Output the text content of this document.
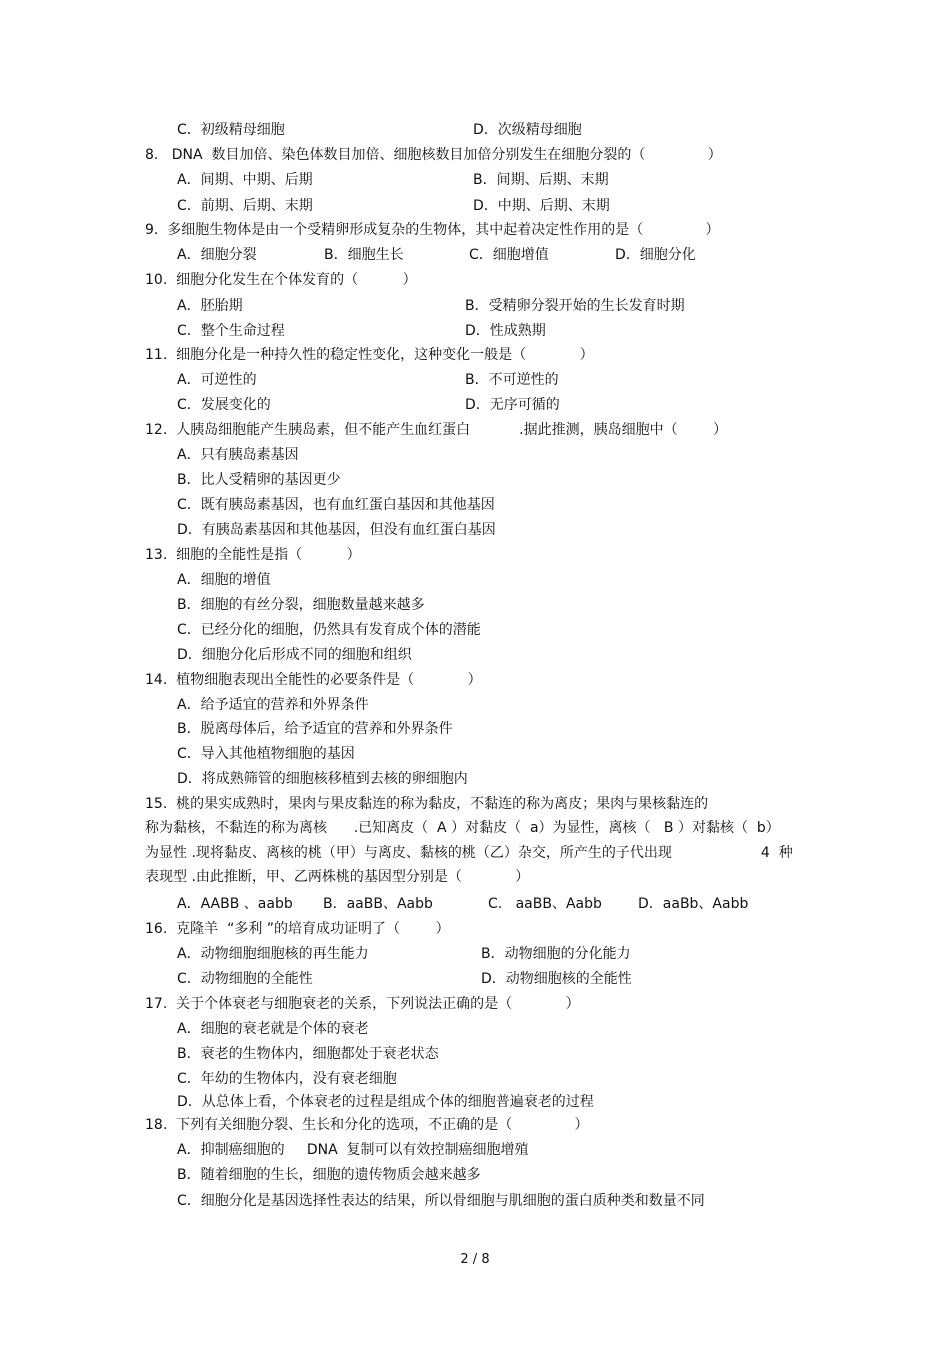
C．初级精母细胞	D．次级精母细胞
8.   DNA  数目加倍、染色体数目加倍、细胞核数目加倍分别发生在细胞分裂的（              ）
A．间期、中期、后期	B．间期、后期、末期
C．前期、后期、末期	D．中期、后期、末期
9.  多细胞生物体是由一个受精卵形成复杂的生物体，其中起着决定性作用的是（              ）
A．细胞分裂	B．细胞生长	C．细胞增值	D．细胞分化
10.  细胞分化发生在个体发育的（          ）
A．胚胎期	B．受精卵分裂开始的生长发育时期
C．整个生命过程	D．性成熟期
11.  细胞分化是一种持久性的稳定性变化，这种变化一般是（            ）
A．可逆性的	B．不可逆性的
C．发展变化的	D．无序可循的
12.  人胰岛细胞能产生胰岛素，但不能产生血红蛋白           .据此推测，胰岛细胞中（        ）
A．只有胰岛素基因
B．比人受精卵的基因更少
C．既有胰岛素基因，也有血红蛋白基因和其他基因
D．有胰岛素基因和其他基因，但没有血红蛋白基因
13.  细胞的全能性是指（          ）
A．细胞的增值
B．细胞的有丝分裂，细胞数量越来越多
C．已经分化的细胞，仍然具有发育成个体的潜能
D．细胞分化后形成不同的细胞和组织
14.  植物细胞表现出全能性的必要条件是（            ）
A．给予适宜的营养和外界条件
B．脱离母体后，给予适宜的营养和外界条件
C．导入其他植物细胞的基因
D．将成熟筛管的细胞核移植到去核的卵细胞内
15.  桃的果实成熟时，果肉与果皮黏连的称为黏皮，不黏连的称为离皮；果肉与果核黏连的
称为黏核，不黏连的称为离核      .已知离皮（  A ）对黏皮（  a）为显性，离核（   B ）对黏核（  b）
为显性 .现将黏皮、离核的桃（甲）与离皮、黏核的桃（乙）杂交，所产生的子代出现                    4  种
表现型 .由此推断，甲、乙两株桃的基因型分别是（            ）
A．AABB 、aabb B．aaBB、Aabb	C.   aaBB、Aabb	D．aaBb、Aabb
16.  克隆羊  “多利 ”的培育成功证明了（        ）
A．动物细胞细胞核的再生能力	B．动物细胞的分化能力
C．动物细胞的全能性	D．动物细胞核的全能性
17.  关于个体衰老与细胞衰老的关系，下列说法正确的是（            ）
A．细胞的衰老就是个体的衰老
B．衰老的生物体内，细胞都处于衰老状态
C．年幼的生物体内，没有衰老细胞
D．从总体上看，个体衰老的过程是组成个体的细胞普遍衰老的过程
18.  下列有关细胞分裂、生长和分化的选项，不正确的是（              ）
A．抑制癌细胞的     DNA  复制可以有效控制癌细胞增殖
B．随着细胞的生长，细胞的遗传物质会越来越多
C．细胞分化是基因选择性表达的结果，所以骨细胞与肌细胞的蛋白质种类和数量不同
2 / 8
